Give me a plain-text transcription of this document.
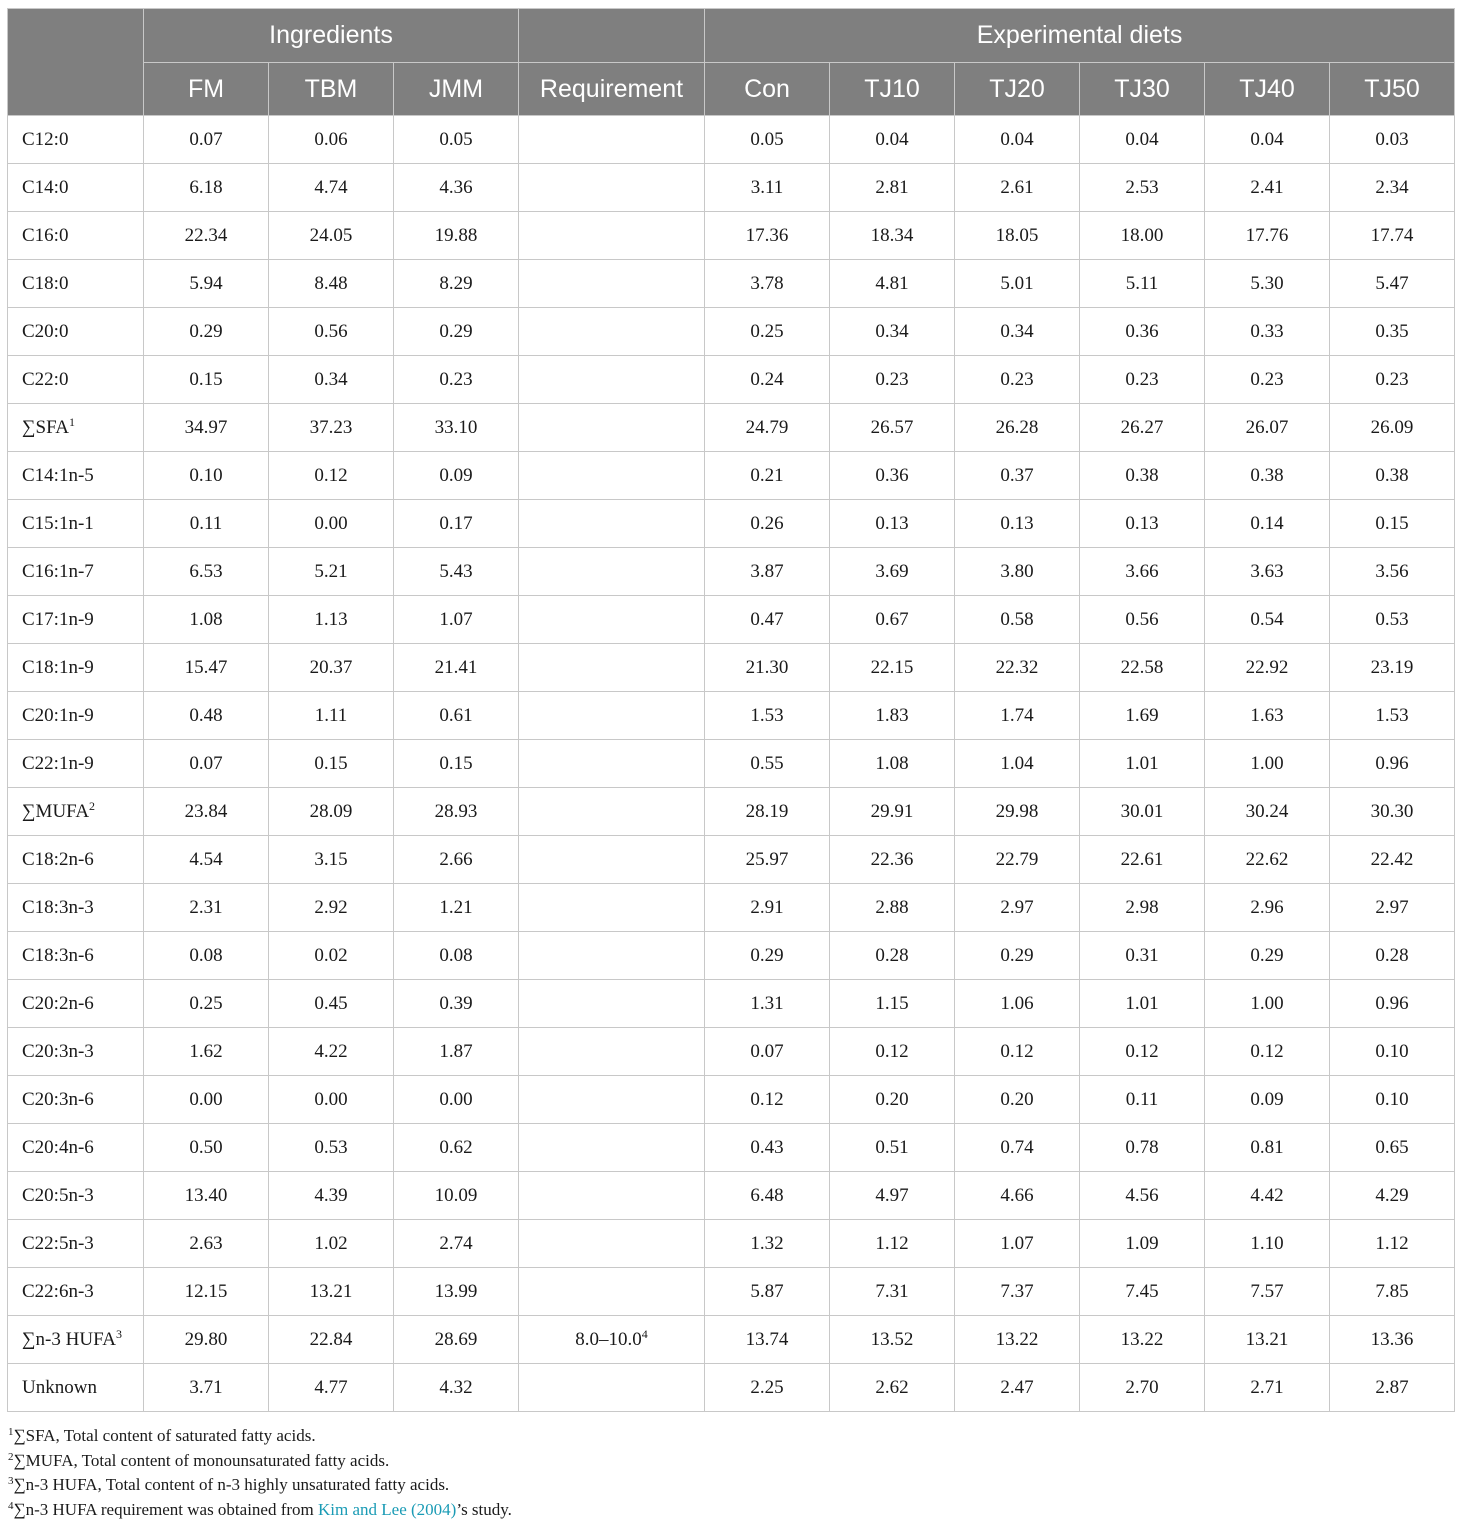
	Ingredients				Experimental diets					
	FM	TBM	JMM	Requirement	Con	TJ10	TJ20	TJ30	TJ40	TJ50
C12:0	0.07	0.06	0.05		0.05	0.04	0.04	0.04	0.04	0.03
C14:0	6.18	4.74	4.36		3.11	2.81	2.61	2.53	2.41	2.34
C16:0	22.34	24.05	19.88		17.36	18.34	18.05	18.00	17.76	17.74
C18:0	5.94	8.48	8.29		3.78	4.81	5.01	5.11	5.30	5.47
C20:0	0.29	0.56	0.29		0.25	0.34	0.34	0.36	0.33	0.35
C22:0	0.15	0.34	0.23		0.24	0.23	0.23	0.23	0.23	0.23
∑SFA$^1$	34.97	37.23	33.10		24.79	26.57	26.28	26.27	26.07	26.09
C14:1n-5	0.10	0.12	0.09		0.21	0.36	0.37	0.38	0.38	0.38
C15:1n-1	0.11	0.00	0.17		0.26	0.13	0.13	0.13	0.14	0.15
C16:1n-7	6.53	5.21	5.43		3.87	3.69	3.80	3.66	3.63	3.56
C17:1n-9	1.08	1.13	1.07		0.47	0.67	0.58	0.56	0.54	0.53
C18:1n-9	15.47	20.37	21.41		21.30	22.15	22.32	22.58	22.92	23.19
C20:1n-9	0.48	1.11	0.61		1.53	1.83	1.74	1.69	1.63	1.53
C22:1n-9	0.07	0.15	0.15		0.55	1.08	1.04	1.01	1.00	0.96
∑MUFA$^2$	23.84	28.09	28.93		28.19	29.91	29.98	30.01	30.24	30.30
C18:2n-6	4.54	3.15	2.66		25.97	22.36	22.79	22.61	22.62	22.42
C18:3n-3	2.31	2.92	1.21		2.91	2.88	2.97	2.98	2.96	2.97
C18:3n-6	0.08	0.02	0.08		0.29	0.28	0.29	0.31	0.29	0.28
C20:2n-6	0.25	0.45	0.39		1.31	1.15	1.06	1.01	1.00	0.96
C20:3n-3	1.62	4.22	1.87		0.07	0.12	0.12	0.12	0.12	0.10
C20:3n-6	0.00	0.00	0.00		0.12	0.20	0.20	0.11	0.09	0.10
C20:4n-6	0.50	0.53	0.62		0.43	0.51	0.74	0.78	0.81	0.65
C20:5n-3	13.40	4.39	10.09		6.48	4.97	4.66	4.56	4.42	4.29
C22:5n-3	2.63	1.02	2.74		1.32	1.12	1.07	1.09	1.10	1.12
C22:6n-3	12.15	13.21	13.99		5.87	7.31	7.37	7.45	7.57	7.85
∑n-3 HUFA$^3$	29.80	22.84	28.69	8.0–10.0$^4$	13.74	13.52	13.22	13.22	13.21	13.36
Unknown	3.71	4.77	4.32		2.25	2.62	2.47	2.70	2.71	2.87
$^1$∑SFA, Total content of saturated fatty acids.
$^2$∑MUFA, Total content of monounsaturated fatty acids.
$^3$∑n-3 HUFA, Total content of n-3 highly unsaturated fatty acids.
$^4$∑n-3 HUFA requirement was obtained from Kim and Lee (2004)’s study.
